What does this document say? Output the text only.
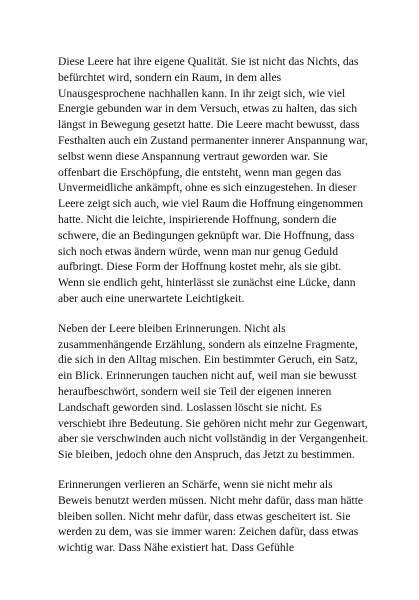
Diese Leere hat ihre eigene Qualität. Sie ist nicht das Nichts, das befürchtet wird, sondern ein Raum, in dem alles Unausgesprochene nachhallen kann. In ihr zeigt sich, wie viel Energie gebunden war in dem Versuch, etwas zu halten, das sich längst in Bewegung gesetzt hatte. Die Leere macht bewusst, dass Festhalten auch ein Zustand permanenter innerer Anspannung war, selbst wenn diese Anspannung vertraut geworden war. Sie offenbart die Erschöpfung, die entsteht, wenn man gegen das Unvermeidliche ankämpft, ohne es sich einzugestehen. In dieser Leere zeigt sich auch, wie viel Raum die Hoffnung eingenommen hatte. Nicht die leichte, inspirierende Hoffnung, sondern die schwere, die an Bedingungen geknüpft war. Die Hoffnung, dass sich noch etwas ändern würde, wenn man nur genug Geduld aufbringt. Diese Form der Hoffnung kostet mehr, als sie gibt. Wenn sie endlich geht, hinterlässt sie zunächst eine Lücke, dann aber auch eine unerwartete Leichtigkeit.

Neben der Leere bleiben Erinnerungen. Nicht als zusammenhängende Erzählung, sondern als einzelne Fragmente, die sich in den Alltag mischen. Ein bestimmter Geruch, ein Satz, ein Blick. Erinnerungen tauchen nicht auf, weil man sie bewusst heraufbeschwört, sondern weil sie Teil der eigenen inneren Landschaft geworden sind. Loslassen löscht sie nicht. Es verschiebt ihre Bedeutung. Sie gehören nicht mehr zur Gegenwart, aber sie verschwinden auch nicht vollständig in der Vergangenheit. Sie bleiben, jedoch ohne den Anspruch, das Jetzt zu bestimmen.

Erinnerungen verlieren an Schärfe, wenn sie nicht mehr als Beweis benutzt werden müssen. Nicht mehr dafür, dass man hätte bleiben sollen. Nicht mehr dafür, dass etwas gescheitert ist. Sie werden zu dem, was sie immer waren: Zeichen dafür, dass etwas wichtig war. Dass Nähe existiert hat. Dass Gefühle
